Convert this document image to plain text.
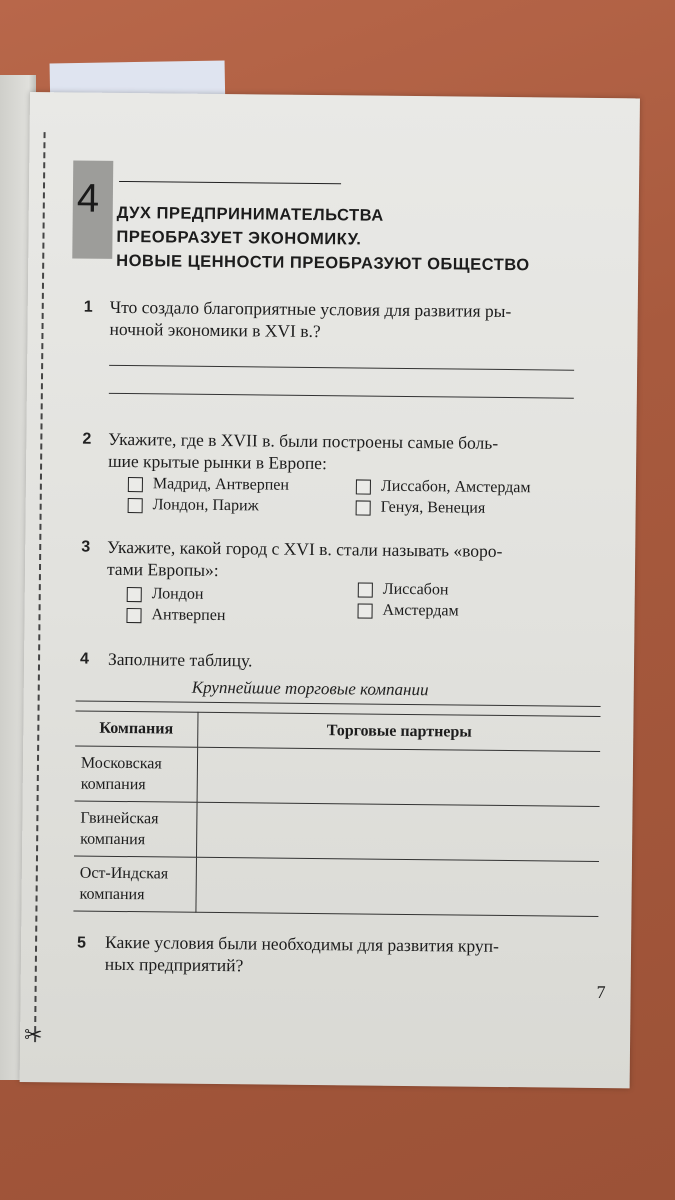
✂
4 ДУХ ПРЕДПРИНИМАТЕЛЬСТВА
ПРЕОБРАЗУЕТ ЭКОНОМИКУ.
НОВЫЕ ЦЕННОСТИ ПРЕОБРАЗУЮТ ОБЩЕСТВО
1 Что создало благоприятные условия для развития ры-
ночной экономики в XVI в.?
2 Укажите, где в XVII в. были построены самые боль-
шие крытые рынки в Европе:
Мадрид, Антверпен	Лиссабон, Амстердам
Лондон, Париж	Генуя, Венеция
3 Укажите, какой город с XVI в. стали называть «воро-
тами Европы»:
Лондон	Лиссабон
Антверпен	Амстердам
4 Заполните таблицу.
Крупнейшие торговые компании
Компания	Торговые партнеры

Московская
компания	

Гвинейская
компания	

Ост-Индская
компания	

5 Какие условия были необходимы для развития круп-
ных предприятий?
7
